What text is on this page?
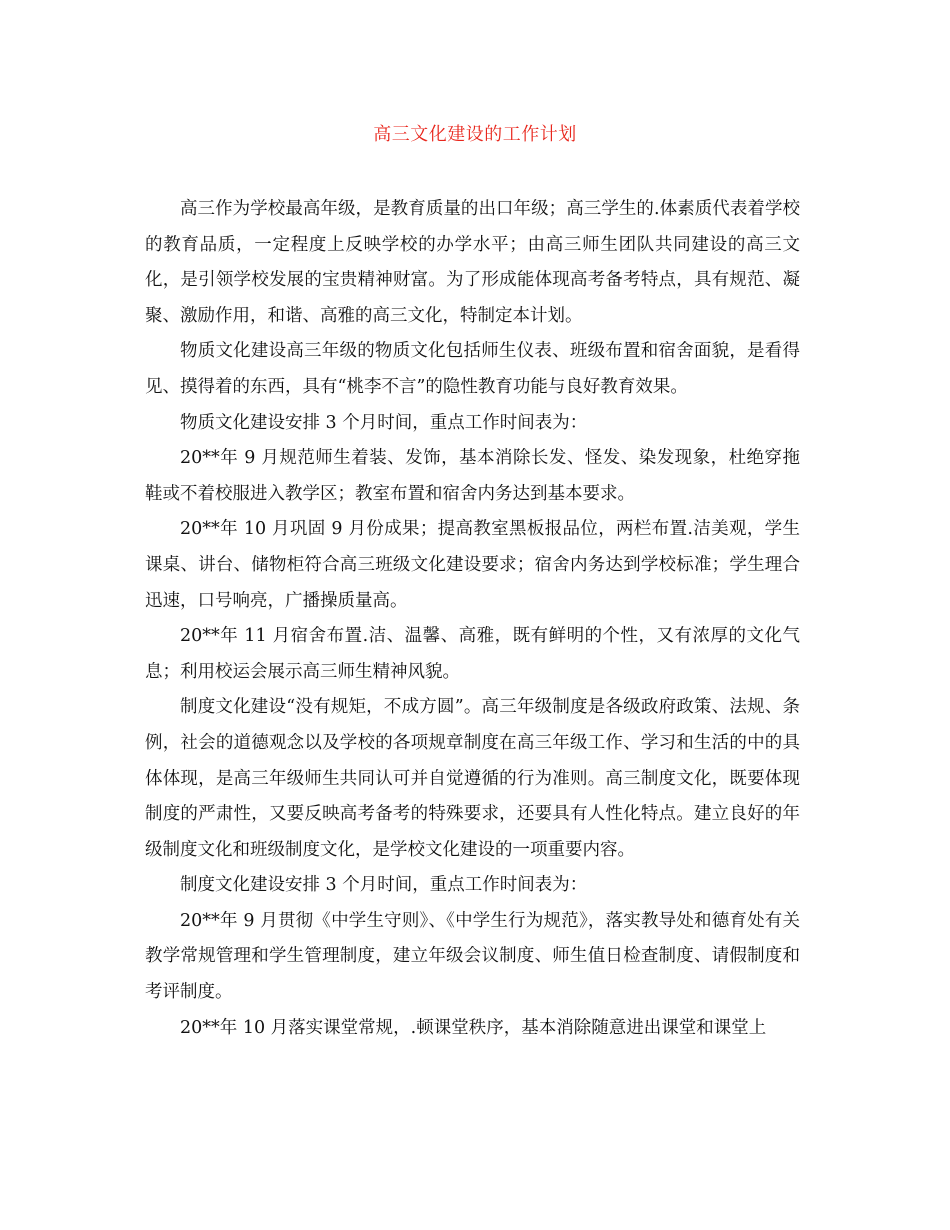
高三文化建设的工作计划

高三作为学校最高年级，是教育质量的出口年级；高三学生的.体素质代表着学校的教育品质，一定程度上反映学校的办学水平；由高三师生团队共同建设的高三文化，是引领学校发展的宝贵精神财富。为了形成能体现高考备考特点，具有规范、凝聚、激励作用，和谐、高雅的高三文化，特制定本计划。

物质文化建设高三年级的物质文化包括师生仪表、班级布置和宿舍面貌，是看得见、摸得着的东西，具有“桃李不言”的隐性教育功能与良好教育效果。

物质文化建设安排 3 个月时间，重点工作时间表为：

20**年 9 月规范师生着装、发饰，基本消除长发、怪发、染发现象，杜绝穿拖鞋或不着校服进入教学区；教室布置和宿舍内务达到基本要求。

20**年 10 月巩固 9 月份成果；提高教室黑板报品位，两栏布置.洁美观，学生课桌、讲台、储物柜符合高三班级文化建设要求；宿舍内务达到学校标准；学生理合迅速，口号响亮，广播操质量高。

20**年 11 月宿舍布置.洁、温馨、高雅，既有鲜明的个性，又有浓厚的文化气息；利用校运会展示高三师生精神风貌。

制度文化建设“没有规矩，不成方圆”。高三年级制度是各级政府政策、法规、条例，社会的道德观念以及学校的各项规章制度在高三年级工作、学习和生活的中的具体体现，是高三年级师生共同认可并自觉遵循的行为准则。高三制度文化，既要体现制度的严肃性，又要反映高考备考的特殊要求，还要具有人性化特点。建立良好的年级制度文化和班级制度文化，是学校文化建设的一项重要内容。

制度文化建设安排 3 个月时间，重点工作时间表为：

20**年 9 月贯彻《中学生守则》、《中学生行为规范》，落实教导处和德育处有关教学常规管理和学生管理制度，建立年级会议制度、师生值日检查制度、请假制度和考评制度。

20**年 10 月落实课堂常规，.顿课堂秩序，基本消除随意进出课堂和课堂上
